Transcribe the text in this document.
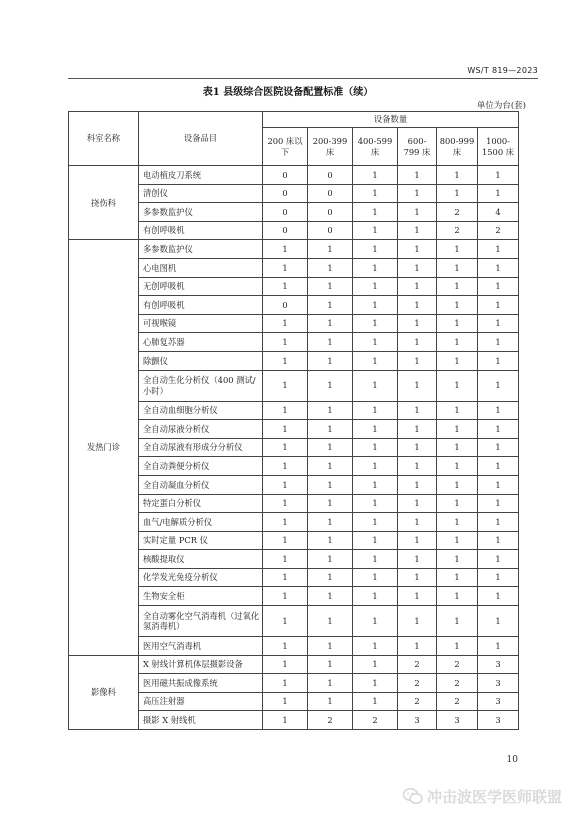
WS/T 819—2023
表1 县级综合医院设备配置标准（续）
单位为台(套)
科室名称	设备品目	设备数量					
		200 床以下	200-399 床	400-599 床	600-799 床	800-999 床	1000-1500 床
挠伤科	电动植皮刀系统	0	0	1	1	1	1
	清创仪	0	0	1	1	1	1
	多参数监护仪	0	0	1	1	2	4
	有创呼吸机	0	0	1	1	2	2
发热门诊	多参数监护仪	1	1	1	1	1	1
	心电图机	1	1	1	1	1	1
	无创呼吸机	1	1	1	1	1	1
	有创呼吸机	0	1	1	1	1	1
	可视喉镜	1	1	1	1	1	1
	心肺复苏器	1	1	1	1	1	1
	除颤仪	1	1	1	1	1	1
	全自动生化分析仪（400 测试/小时）	1	1	1	1	1	1
	全自动血细胞分析仪	1	1	1	1	1	1
	全自动尿液分析仪	1	1	1	1	1	1
	全自动尿液有形成分分析仪	1	1	1	1	1	1
	全自动粪便分析仪	1	1	1	1	1	1
	全自动凝血分析仪	1	1	1	1	1	1
	特定蛋白分析仪	1	1	1	1	1	1
	血气/电解质分析仪	1	1	1	1	1	1
	实时定量 PCR 仪	1	1	1	1	1	1
	核酸提取仪	1	1	1	1	1	1
	化学发光免疫分析仪	1	1	1	1	1	1
	生物安全柜	1	1	1	1	1	1
	全自动雾化空气消毒机（过氧化氢消毒机）	1	1	1	1	1	1
	医用空气消毒机	1	1	1	1	1	1
影像科	X 射线计算机体层摄影设备	1	1	1	2	2	3
	医用磁共振成像系统	1	1	1	2	2	3
	高压注射器	1	1	1	2	2	3
	摄影 X 射线机	1	2	2	3	3	3
10
冲击波医学医师联盟
